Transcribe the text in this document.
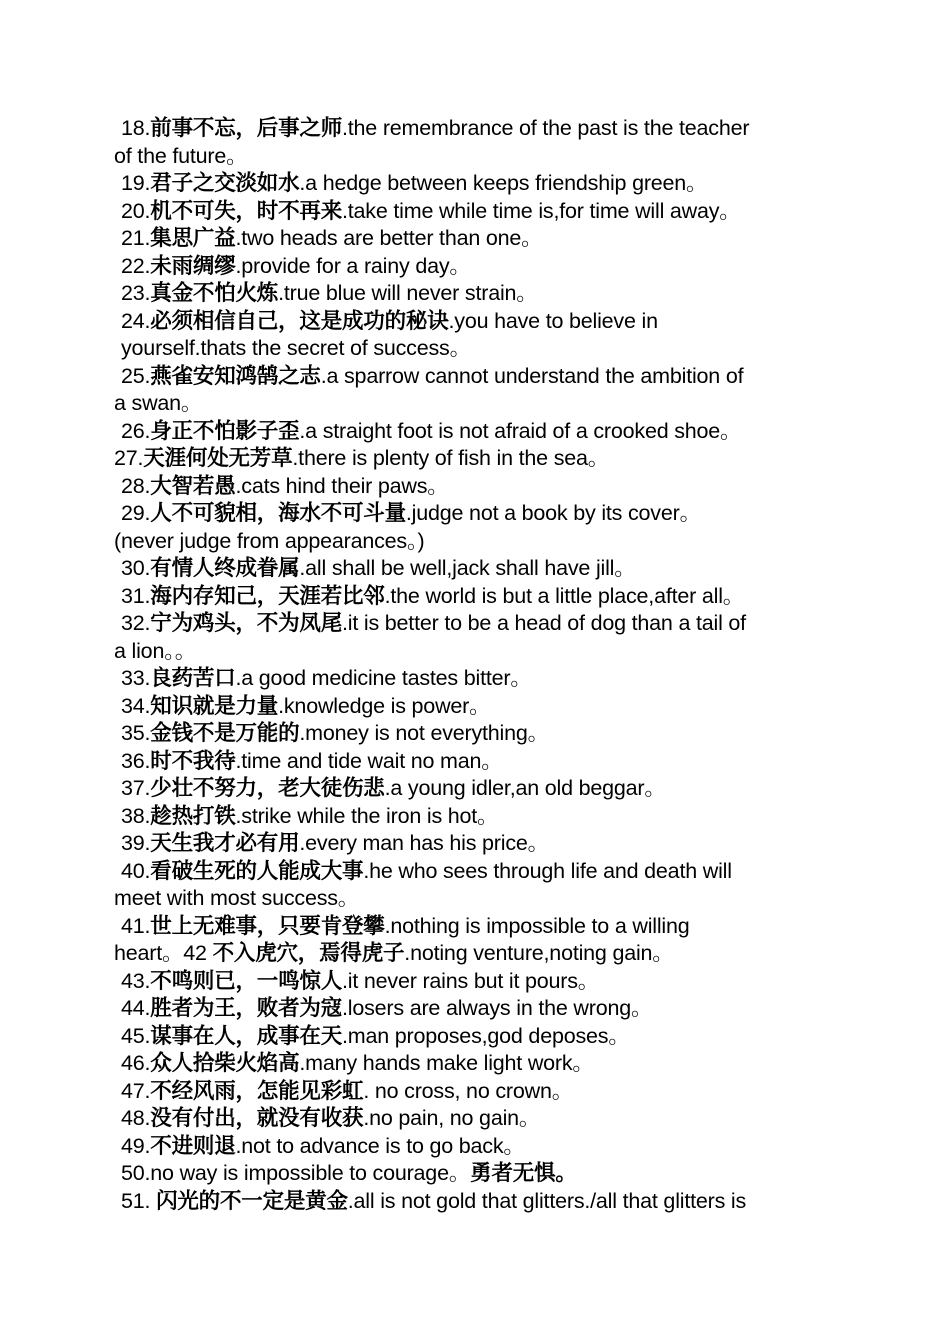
18.前事不忘，后事之师.the remembrance of the past is the teacher
of the future。
19.君子之交淡如水.a hedge between keeps friendship green。
20.机不可失，时不再来.take time while time is,for time will away。
21.集思广益.two heads are better than one。
22.未雨绸缪.provide for a rainy day。
23.真金不怕火炼.true blue will never strain。
24.必须相信自己，这是成功的秘诀.you have to believe in
yourself.thats the secret of success。
25.燕雀安知鸿鹄之志.a sparrow cannot understand the ambition of
a swan。
26.身正不怕影子歪.a straight foot is not afraid of a crooked shoe。
27.天涯何处无芳草.there is plenty of fish in the sea。
28.大智若愚.cats hind their paws。
29.人不可貌相，海水不可斗量.judge not a book by its cover。
(never judge from appearances。)
30.有情人终成眷属.all shall be well,jack shall have jill。
31.海内存知己，天涯若比邻.the world is but a little place,after all。
32.宁为鸡头，不为凤尾.it is better to be a head of dog than a tail of
a lion。。
33.良药苦口.a good medicine tastes bitter。
34.知识就是力量.knowledge is power。
35.金钱不是万能的.money is not everything。
36.时不我待.time and tide wait no man。
37.少壮不努力，老大徒伤悲.a young idler,an old beggar。
38.趁热打铁.strike while the iron is hot。
39.天生我才必有用.every man has his price。
40.看破生死的人能成大事.he who sees through life and death will
meet with most success。
41.世上无难事，只要肯登攀.nothing is impossible to a willing
heart。42 不入虎穴，焉得虎子.noting venture,noting gain。
43.不鸣则已，一鸣惊人.it never rains but it pours。
44.胜者为王，败者为寇.losers are always in the wrong。
45.谋事在人，成事在天.man proposes,god deposes。
46.众人拾柴火焰高.many hands make light work。
47.不经风雨，怎能见彩虹. no cross, no crown。
48.没有付出，就没有收获.no pain, no gain。
49.不进则退.not to advance is to go back。
50.no way is impossible to courage。勇者无惧。
51. 闪光的不一定是黄金.all is not gold that glitters./all that glitters is
